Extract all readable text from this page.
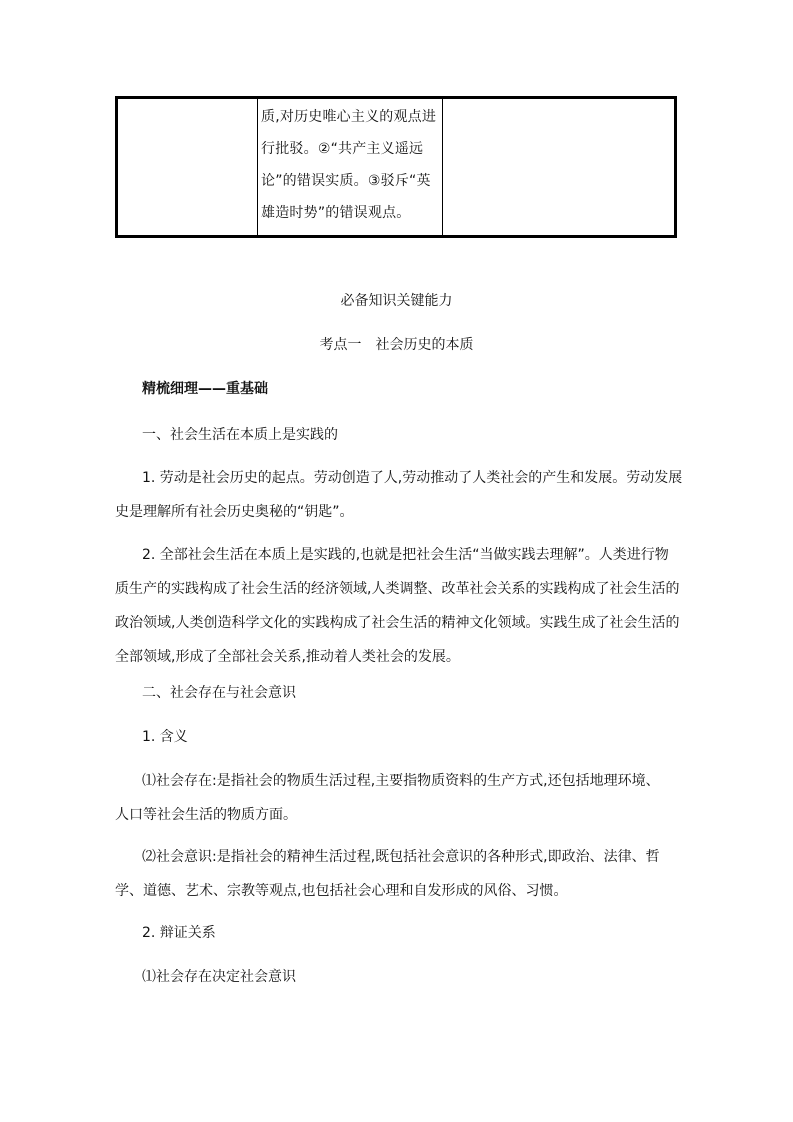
质,对历史唯心主义的观点进
行批驳。②“共产主义遥远
论”的错误实质。③驳斥“英
雄造时势”的错误观点。

必备知识关键能力
考点一　社会历史的本质
精梳细理——重基础
一、社会生活在本质上是实践的
1. 劳动是社会历史的起点。劳动创造了人,劳动推动了人类社会的产生和发展。劳动发展
史是理解所有社会历史奥秘的“钥匙”。
2. 全部社会生活在本质上是实践的,也就是把社会生活“当做实践去理解”。人类进行物
质生产的实践构成了社会生活的经济领域,人类调整、改革社会关系的实践构成了社会生活的
政治领域,人类创造科学文化的实践构成了社会生活的精神文化领域。实践生成了社会生活的
全部领域,形成了全部社会关系,推动着人类社会的发展。
二、社会存在与社会意识
1. 含义
⑴社会存在:是指社会的物质生活过程,主要指物质资料的生产方式,还包括地理环境、
人口等社会生活的物质方面。
⑵社会意识:是指社会的精神生活过程,既包括社会意识的各种形式,即政治、法律、哲
学、道德、艺术、宗教等观点,也包括社会心理和自发形成的风俗、习惯。
2. 辩证关系
⑴社会存在决定社会意识
